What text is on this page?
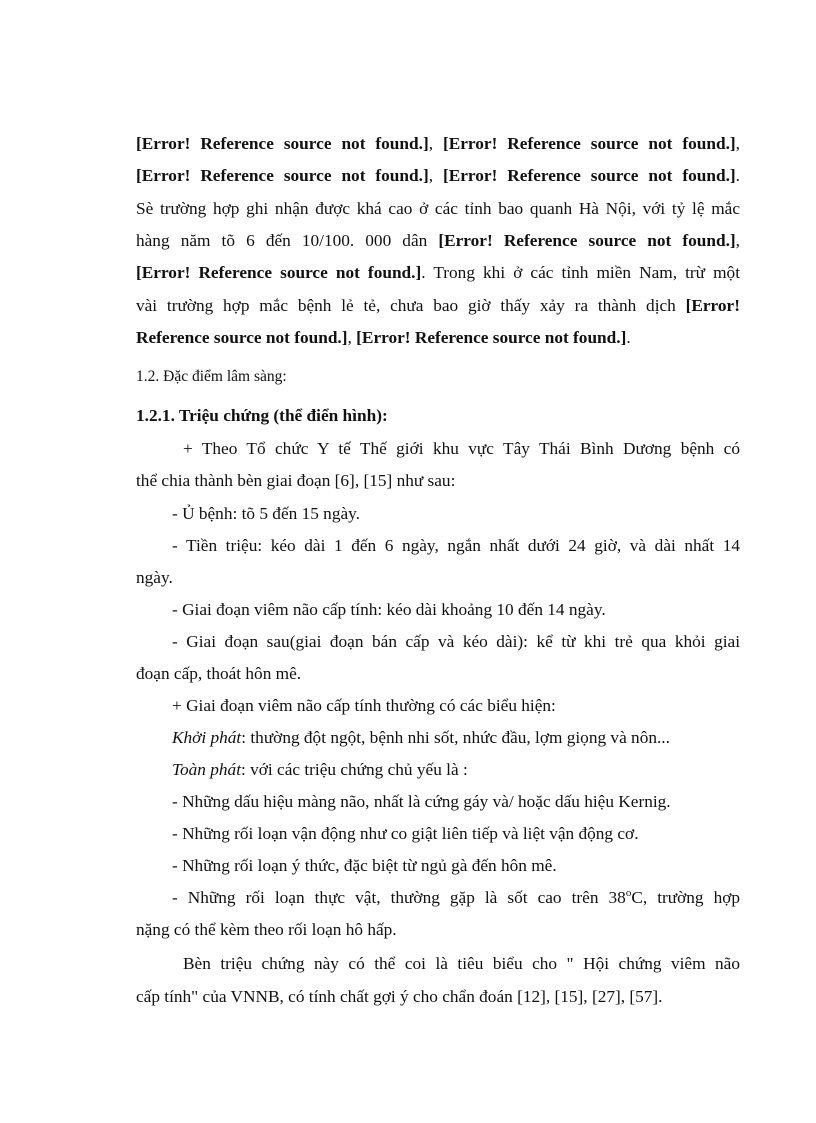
[Error! Reference source not found.], [Error! Reference source not found.],
[Error! Reference source not found.], [Error! Reference source not found.].
Sè trường hợp ghi nhận được khá cao ở các tỉnh bao quanh Hà Nội, với tỷ lệ mắc
hàng năm tõ 6 đến 10/100. 000 dân [Error! Reference source not found.],
[Error! Reference source not found.]. Trong khi ở các tỉnh miền Nam, trừ một
vài trường hợp mắc bệnh lẻ tẻ, chưa bao giờ thấy xảy ra thành dịch [Error!
Reference source not found.], [Error! Reference source not found.].
1.2. Đặc điểm lâm sàng:
1.2.1. Triệu chứng (thể điển hình):
+ Theo Tổ chức Y tế Thế giới khu vực Tây Thái Bình Dương bệnh có
thể chia thành bèn giai đoạn [6], [15] như sau:
- Ủ bệnh: tõ 5 đến 15 ngày.
- Tiền triệu: kéo dài 1 đến 6 ngày, ngắn nhất dưới 24 giờ, và dài nhất 14
ngày.
- Giai đoạn viêm não cấp tính: kéo dài khoảng 10 đến 14 ngày.
- Giai đoạn sau(giai đoạn bán cấp và kéo dài): kể từ khi trẻ qua khỏi giai
đoạn cấp, thoát hôn mê.
+ Giai đoạn viêm não cấp tính thường có các biểu hiện:
Khởi phát: thường đột ngột, bệnh nhi sốt, nhức đầu, lợm giọng và nôn...
Toàn phát: với các triệu chứng chủ yếu là :
- Những dấu hiệu màng não, nhất là cứng gáy và/ hoặc dấu hiệu Kernig.
- Những rối loạn vận động như co giật liên tiếp và liệt vận động cơ.
- Những rối loạn ý thức, đặc biệt từ ngủ gà đến hôn mê.
- Những rối loạn thực vật, thường gặp là sốt cao trên 38$^o$C, trường hợp
nặng có thể kèm theo rối loạn hô hấp.
Bèn triệu chứng này có thể coi là tiêu biểu cho " Hội chứng viêm não
cấp tính" của VNNB, có tính chất gợi ý cho chẩn đoán [12], [15], [27], [57].
